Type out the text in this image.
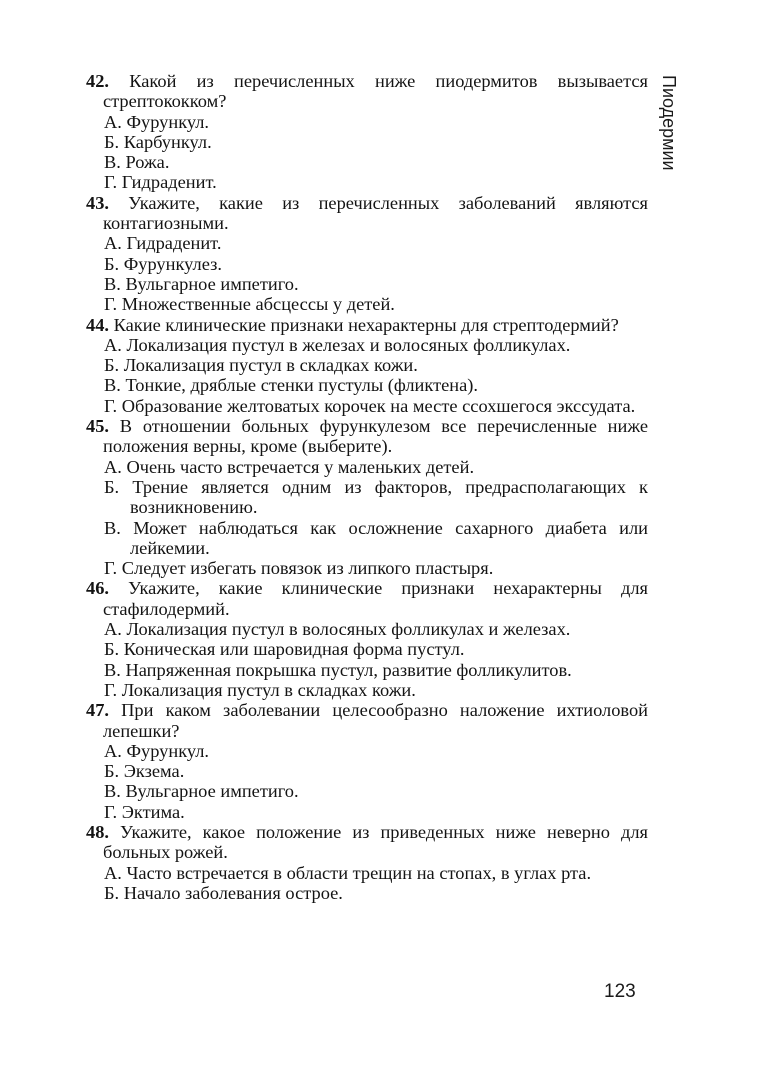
Пиодермии

42. Какой из перечисленных ниже пиодермитов вызывается стрептококком?

А. Фурункул.

Б. Карбункул.

В. Рожа.

Г. Гидраденит.

43. Укажите, какие из перечисленных заболеваний являются контагиозными.

А. Гидраденит.

Б. Фурункулез.

В. Вульгарное импетиго.

Г. Множественные абсцессы у детей.

44. Какие клинические признаки нехарактерны для стрептодермий?

А. Локализация пустул в железах и волосяных фолликулах.

Б. Локализация пустул в складках кожи.

В. Тонкие, дряблые стенки пустулы (фликтена).

Г. Образование желтоватых корочек на месте ссохшегося экссудата.

45. В отношении больных фурункулезом все перечисленные ниже положения верны, кроме (выберите).

А. Очень часто встречается у маленьких детей.

Б. Трение является одним из факторов, предрасполагающих к возникновению.

В. Может наблюдаться как осложнение сахарного диабета или лейкемии.

Г. Следует избегать повязок из липкого пластыря.

46. Укажите, какие клинические признаки нехарактерны для стафилодермий.

А. Локализация пустул в волосяных фолликулах и железах.

Б. Коническая или шаровидная форма пустул.

В. Напряженная покрышка пустул, развитие фолликулитов.

Г. Локализация пустул в складках кожи.

47. При каком заболевании целесообразно наложение ихтиоловой лепешки?

А. Фурункул.

Б. Экзема.

В. Вульгарное импетиго.

Г. Эктима.

48. Укажите, какое положение из приведенных ниже неверно для больных рожей.

А. Часто встречается в области трещин на стопах, в углах рта.

Б. Начало заболевания острое.

123
